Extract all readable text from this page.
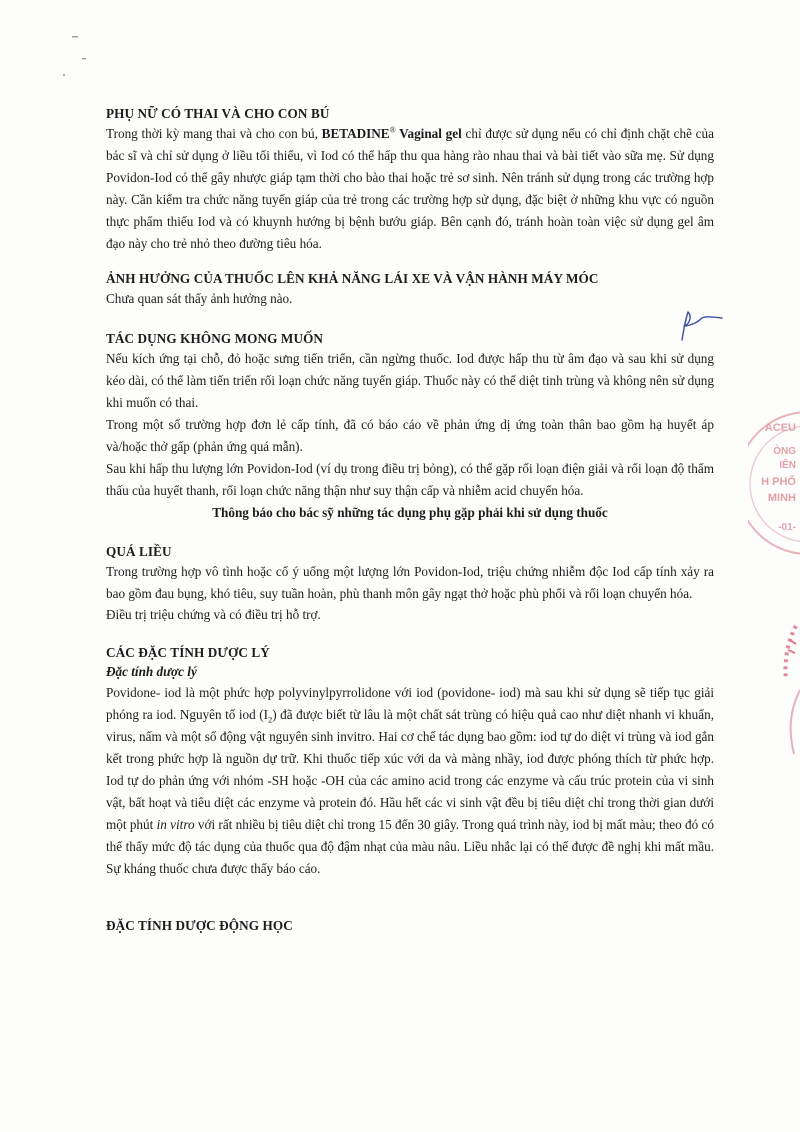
ACEU
ÒNG
IÊN
H PHỐ
MINH
-01-
PHỤ NỮ CÓ THAI VÀ CHO CON BÚ

Trong thời kỳ mang thai và cho con bú, BETADINE® Vaginal gel chỉ được sử dụng nếu có chỉ định chặt chẽ của bác sĩ và chỉ sử dụng ở liều tối thiểu, vì Iod có thể hấp thu qua hàng rào nhau thai và bài tiết vào sữa mẹ. Sử dụng Povidon-Iod có thể gây nhược giáp tạm thời cho bào thai hoặc trẻ sơ sinh. Nên tránh sử dụng trong các trường hợp này. Cần kiểm tra chức năng tuyến giáp của trẻ trong các trường hợp sử dụng, đặc biệt ở những khu vực có nguồn thực phẩm thiếu Iod và có khuynh hướng bị bệnh bướu giáp. Bên cạnh đó, tránh hoàn toàn việc sử dụng gel âm đạo này cho trẻ nhỏ theo đường tiêu hóa.

ẢNH HƯỞNG CỦA THUỐC LÊN KHẢ NĂNG LÁI XE VÀ VẬN HÀNH MÁY MÓC

Chưa quan sát thấy ảnh hưởng nào.

TÁC DỤNG KHÔNG MONG MUỐN

Nếu kích ứng tại chỗ, đỏ hoặc sưng tiến triển, cần ngừng thuốc. Iod được hấp thu từ âm đạo và sau khi sử dụng kéo dài, có thể làm tiến triển rối loạn chức năng tuyến giáp. Thuốc này có thể diệt tinh trùng và không nên sử dụng khi muốn có thai.

Trong một số trường hợp đơn lẻ cấp tính, đã có báo cáo về phản ứng dị ứng toàn thân bao gồm hạ huyết áp và/hoặc thở gấp (phản ứng quá mẫn).

Sau khi hấp thu lượng lớn Povidon-Iod (ví dụ trong điều trị bỏng), có thể gặp rối loạn điện giải và rối loạn độ thẩm thấu của huyết thanh, rối loạn chức năng thận như suy thận cấp và nhiễm acid chuyển hóa.

Thông báo cho bác sỹ những tác dụng phụ gặp phải khi sử dụng thuốc

QUÁ LIỀU

Trong trường hợp vô tình hoặc cố ý uống một lượng lớn Povidon-Iod, triệu chứng nhiễm độc Iod cấp tính xảy ra bao gồm đau bụng, khó tiêu, suy tuần hoàn, phù thanh môn gây ngạt thở hoặc phù phổi và rối loạn chuyển hóa.

Điều trị triệu chứng và có điều trị hỗ trợ.

CÁC ĐẶC TÍNH DƯỢC LÝ
Đặc tính dược lý

Povidone- iod là một phức hợp polyvinylpyrrolidone với iod (povidone- iod) mà sau khi sử dụng sẽ tiếp tục giải phóng ra iod. Nguyên tố iod $(I_2)$ đã được biết từ lâu là một chất sát trùng có hiệu quả cao như diệt nhanh vi khuẩn, virus, nấm và một số động vật nguyên sinh invitro. Hai cơ chế tác dụng bao gồm: iod tự do diệt vi trùng và iod gắn kết trong phức hợp là nguồn dự trữ. Khi thuốc tiếp xúc với da và màng nhầy, iod được phóng thích từ phức hợp. Iod tự do phản ứng với nhóm -SH hoặc -OH của các amino acid trong các enzyme và cấu trúc protein của vi sinh vật, bất hoạt và tiêu diệt các enzyme và protein đó. Hầu hết các vi sinh vật đều bị tiêu diệt chỉ trong thời gian dưới một phút in vitro với rất nhiều bị tiêu diệt chỉ trong 15 đến 30 giây. Trong quá trình này, iod bị mất màu; theo đó có thể thấy mức độ tác dụng của thuốc qua độ đậm nhạt của màu nâu. Liều nhắc lại có thể được đề nghị khi mất mầu. Sự kháng thuốc chưa được thấy báo cáo.

ĐẶC TÍNH DƯỢC ĐỘNG HỌC
